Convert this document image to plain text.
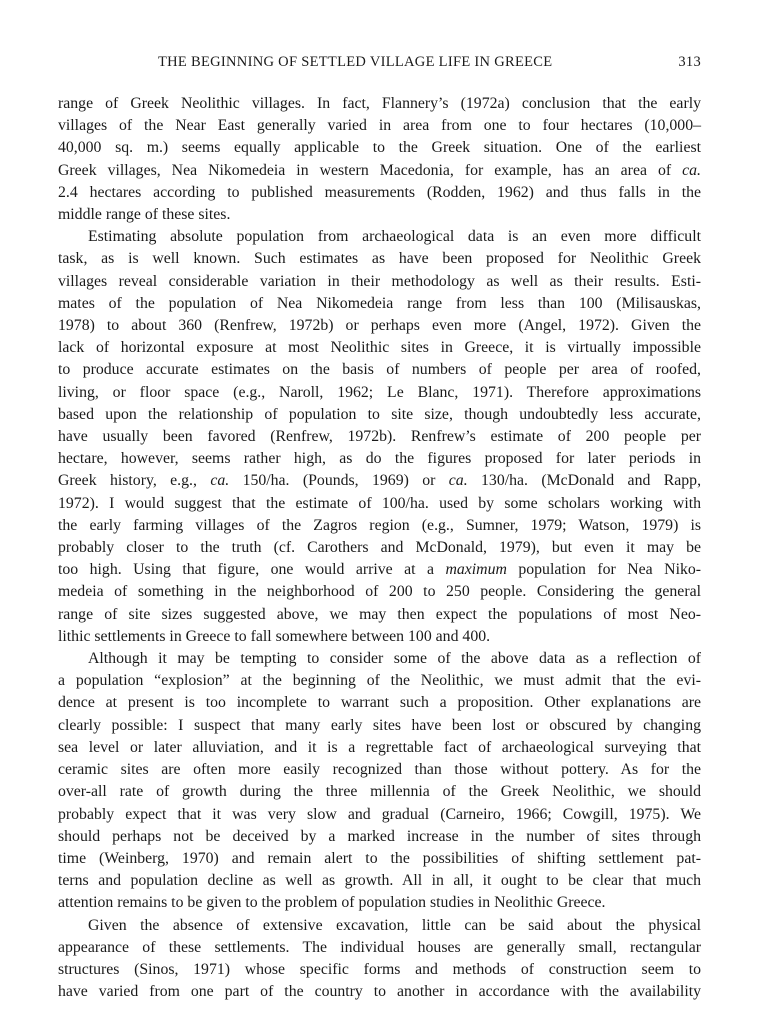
THE BEGINNING OF SETTLED VILLAGE LIFE IN GREECE	313

range of Greek Neolithic villages. In fact, Flannery’s (1972a) conclusion that the early
villages of the Near East generally varied in area from one to four hectares (10,000–
40,000 sq. m.) seems equally applicable to the Greek situation. One of the earliest
Greek villages, Nea Nikomedeia in western Macedonia, for example, has an area of ca.
2.4 hectares according to published measurements (Rodden, 1962) and thus falls in the
middle range of these sites.

Estimating absolute population from archaeological data is an even more difficult
task, as is well known. Such estimates as have been proposed for Neolithic Greek
villages reveal considerable variation in their methodology as well as their results. Esti-
mates of the population of Nea Nikomedeia range from less than 100 (Milisauskas,
1978) to about 360 (Renfrew, 1972b) or perhaps even more (Angel, 1972). Given the
lack of horizontal exposure at most Neolithic sites in Greece, it is virtually impossible
to produce accurate estimates on the basis of numbers of people per area of roofed,
living, or floor space (e.g., Naroll, 1962; Le Blanc, 1971). Therefore approximations
based upon the relationship of population to site size, though undoubtedly less accurate,
have usually been favored (Renfrew, 1972b). Renfrew’s estimate of 200 people per
hectare, however, seems rather high, as do the figures proposed for later periods in
Greek history, e.g., ca. 150/ha. (Pounds, 1969) or ca. 130/ha. (McDonald and Rapp,
1972). I would suggest that the estimate of 100/ha. used by some scholars working with
the early farming villages of the Zagros region (e.g., Sumner, 1979; Watson, 1979) is
probably closer to the truth (cf. Carothers and McDonald, 1979), but even it may be
too high. Using that figure, one would arrive at a maximum population for Nea Niko-
medeia of something in the neighborhood of 200 to 250 people. Considering the general
range of site sizes suggested above, we may then expect the populations of most Neo-
lithic settlements in Greece to fall somewhere between 100 and 400.

Although it may be tempting to consider some of the above data as a reflection of
a population “explosion” at the beginning of the Neolithic, we must admit that the evi-
dence at present is too incomplete to warrant such a proposition. Other explanations are
clearly possible: I suspect that many early sites have been lost or obscured by changing
sea level or later alluviation, and it is a regrettable fact of archaeological surveying that
ceramic sites are often more easily recognized than those without pottery. As for the
over-all rate of growth during the three millennia of the Greek Neolithic, we should
probably expect that it was very slow and gradual (Carneiro, 1966; Cowgill, 1975). We
should perhaps not be deceived by a marked increase in the number of sites through
time (Weinberg, 1970) and remain alert to the possibilities of shifting settlement pat-
terns and population decline as well as growth. All in all, it ought to be clear that much
attention remains to be given to the problem of population studies in Neolithic Greece.

Given the absence of extensive excavation, little can be said about the physical
appearance of these settlements. The individual houses are generally small, rectangular
structures (Sinos, 1971) whose specific forms and methods of construction seem to
have varied from one part of the country to another in accordance with the availability
